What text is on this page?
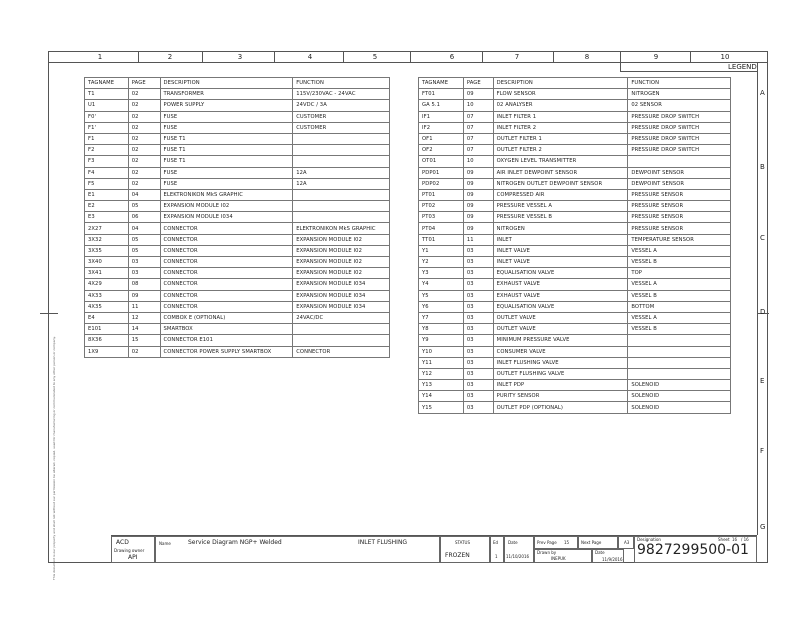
1	2	3	4	5	6	7	8	9	10
LEGEND
A
B
C
D
E
F
G
TAGNAME	PAGE	DESCRIPTION	FUNCTION
T1	02	TRANSFORMER	115V/230VAC - 24VAC
U1	02	POWER SUPPLY	24VDC / 3A
F0'	02	FUSE	CUSTOMER
F1'	02	FUSE	CUSTOMER
F1	02	FUSE T1	
F2	02	FUSE T1	
F3	02	FUSE T1	
F4	02	FUSE	12A
F5	02	FUSE	12A
E1	04	ELEKTRONIKON MkS GRAPHIC	
E2	05	EXPANSION MODULE I02	
E3	06	EXPANSION MODULE I034	
2X27	04	CONNECTOR	ELEKTRONIKON MkS GRAPHIC
3X32	05	CONNECTOR	EXPANSION MODULE I02
3X35	05	CONNECTOR	EXPANSION MODULE I02
3X40	03	CONNECTOR	EXPANSION MODULE I02
3X41	03	CONNECTOR	EXPANSION MODULE I02
4X29	08	CONNECTOR	EXPANSION MODULE I034
4X33	09	CONNECTOR	EXPANSION MODULE I034
4X35	11	CONNECTOR	EXPANSION MODULE I034
E4	12	COMBOX E (OPTIONAL)	24VAC/DC
E101	14	SMARTBOX	
8X36	15	CONNECTOR E101	
1X9	02	CONNECTOR POWER SUPPLY SMARTBOX	CONNECTOR
TAGNAME	PAGE	DESCRIPTION	FUNCTION
FT01	09	FLOW SENSOR	NITROGEN
GA 5.1	10	02 ANALYSER	02 SENSOR
IF1	07	INLET FILTER 1	PRESSURE DROP SWITCH
IF2	07	INLET FILTER 2	PRESSURE DROP SWITCH
OF1	07	OUTLET FILTER 1	PRESSURE DROP SWITCH
OF2	07	OUTLET FILTER 2	PRESSURE DROP SWITCH
OT01	10	OXYGEN LEVEL TRANSMITTER	
PDP01	09	AIR INLET DEWPOINT SENSOR	DEWPOINT SENSOR
PDP02	09	NITROGEN OUTLET DEWPOINT SENSOR	DEWPOINT SENSOR
PT01	09	COMPRESSED AIR	PRESSURE SENSOR
PT02	09	PRESSURE VESSEL A	PRESSURE SENSOR
PT03	09	PRESSURE VESSEL B	PRESSURE SENSOR
PT04	09	NITROGEN	PRESSURE SENSOR
TT01	11	INLET	TEMPERATURE SENSOR
Y1	03	INLET VALVE	VESSEL A
Y2	03	INLET VALVE	VESSEL B
Y3	03	EQUALISATION VALVE	TOP
Y4	03	EXHAUST VALVE	VESSEL A
Y5	03	EXHAUST VALVE	VESSEL B
Y6	03	EQUALISATION VALVE	BOTTOM
Y7	03	OUTLET VALVE	VESSEL A
Y8	03	OUTLET VALVE	VESSEL B
Y9	03	MINIMUM PRESSURE VALVE	
Y10	03	CONSUMER VALVE	
Y11	03	INLET FLUSHING VALVE	
Y12	03	OUTLET FLUSHING VALVE	
Y13	03	INLET PDP	SOLENOID
Y14	03	PURITY SENSOR	SOLENOID
Y15	03	OUTLET PDP (OPTIONAL)	SOLENOID
ACD
Drawing owner
API
Name	Service Diagram NGP+ Welded	INLET FLUSHING	STATUS
FROZEN
Ed
1
Date
11/10/2016
Prev Page 15	Next Page
Drawn by
INEPUK
Date
11/9/2016
A3
Designation	Sheet 16 / 16
9827299500-01
This document is our property and shall not without our permission be altered, copied, used for manufacturing or communicated to any other person or company.
